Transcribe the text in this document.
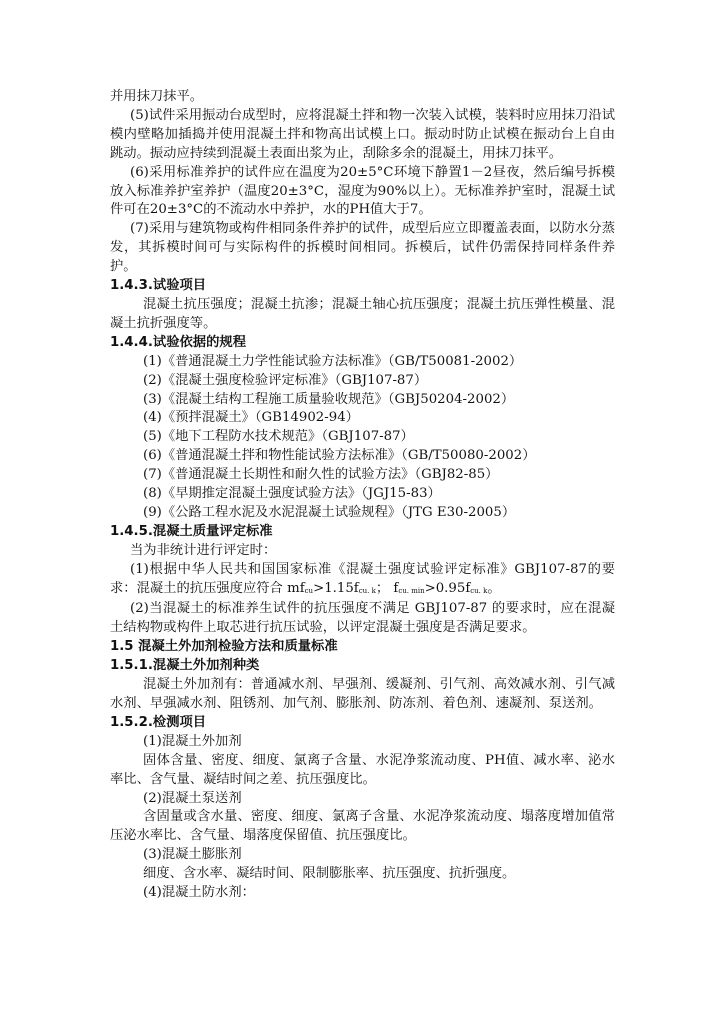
并用抹刀抹平。

(5)试件采用振动台成型时，应将混凝土拌和物一次装入试模，装料时应用抹刀沿试模内壁略加插捣并使用混凝土拌和物高出试模上口。振动时防止试模在振动台上自由跳动。振动应持续到混凝土表面出浆为止，刮除多余的混凝土，用抹刀抹平。

(6)采用标准养护的试件应在温度为20±5°C环境下静置1－2昼夜，然后编号拆模放入标准养护室养护（温度20±3°C，湿度为90%以上）。无标准养护室时，混凝土试件可在20±3°C的不流动水中养护，水的PH值大于7。

(7)采用与建筑物或构件相同条件养护的试件，成型后应立即覆盖表面，以防水分蒸发，其拆模时间可与实际构件的拆模时间相同。拆模后，试件仍需保持同样条件养护。

1.4.3.试验项目

混凝土抗压强度；混凝土抗渗；混凝土轴心抗压强度；混凝土抗压弹性模量、混凝土抗折强度等。

1.4.4.试验依据的规程

(1)《普通混凝土力学性能试验方法标准》（GB/T50081-2002）
(2)《混凝土强度检验评定标准》（GBJ107-87）
(3)《混凝土结构工程施工质量验收规范》（GBJ50204-2002）
(4)《预拌混凝土》（GB14902-94）
(5)《地下工程防水技术规范》（GBJ107-87）
(6)《普通混凝土拌和物性能试验方法标准》（GB/T50080-2002）
(7)《普通混凝土长期性和耐久性的试验方法》（GBJ82-85）
(8)《早期推定混凝土强度试验方法》（JGJ15-83）
(9)《公路工程水泥及水泥混凝土试验规程》（JTG E30-2005）

1.4.5.混凝土质量评定标准

当为非统计进行评定时：

(1)根据中华人民共和国国家标准《混凝土强度试验评定标准》GBJ107-87的要求：混凝土的抗压强度应符合 $mf_{cu}>1.15f_{cu. k}$； $f_{cu. min}>0.95f_{cu. k}$。

(2)当混凝土的标准养生试件的抗压强度不满足 GBJ107-87 的要求时，应在混凝土结构物或构件上取芯进行抗压试验，以评定混凝土强度是否满足要求。

1.5 混凝土外加剂检验方法和质量标准

1.5.1.混凝土外加剂种类

混凝土外加剂有：普通减水剂、早强剂、缓凝剂、引气剂、高效减水剂、引气减水剂、早强减水剂、阻锈剂、加气剂、膨胀剂、防冻剂、着色剂、速凝剂、泵送剂。

1.5.2.检测项目

(1)混凝土外加剂

固体含量、密度、细度、氯离子含量、水泥净浆流动度、PH值、减水率、泌水率比、含气量、凝结时间之差、抗压强度比。

(2)混凝土泵送剂

含固量或含水量、密度、细度、氯离子含量、水泥净浆流动度、塌落度增加值常压泌水率比、含气量、塌落度保留值、抗压强度比。

(3)混凝土膨胀剂

细度、含水率、凝结时间、限制膨胀率、抗压强度、抗折强度。

(4)混凝土防水剂：
